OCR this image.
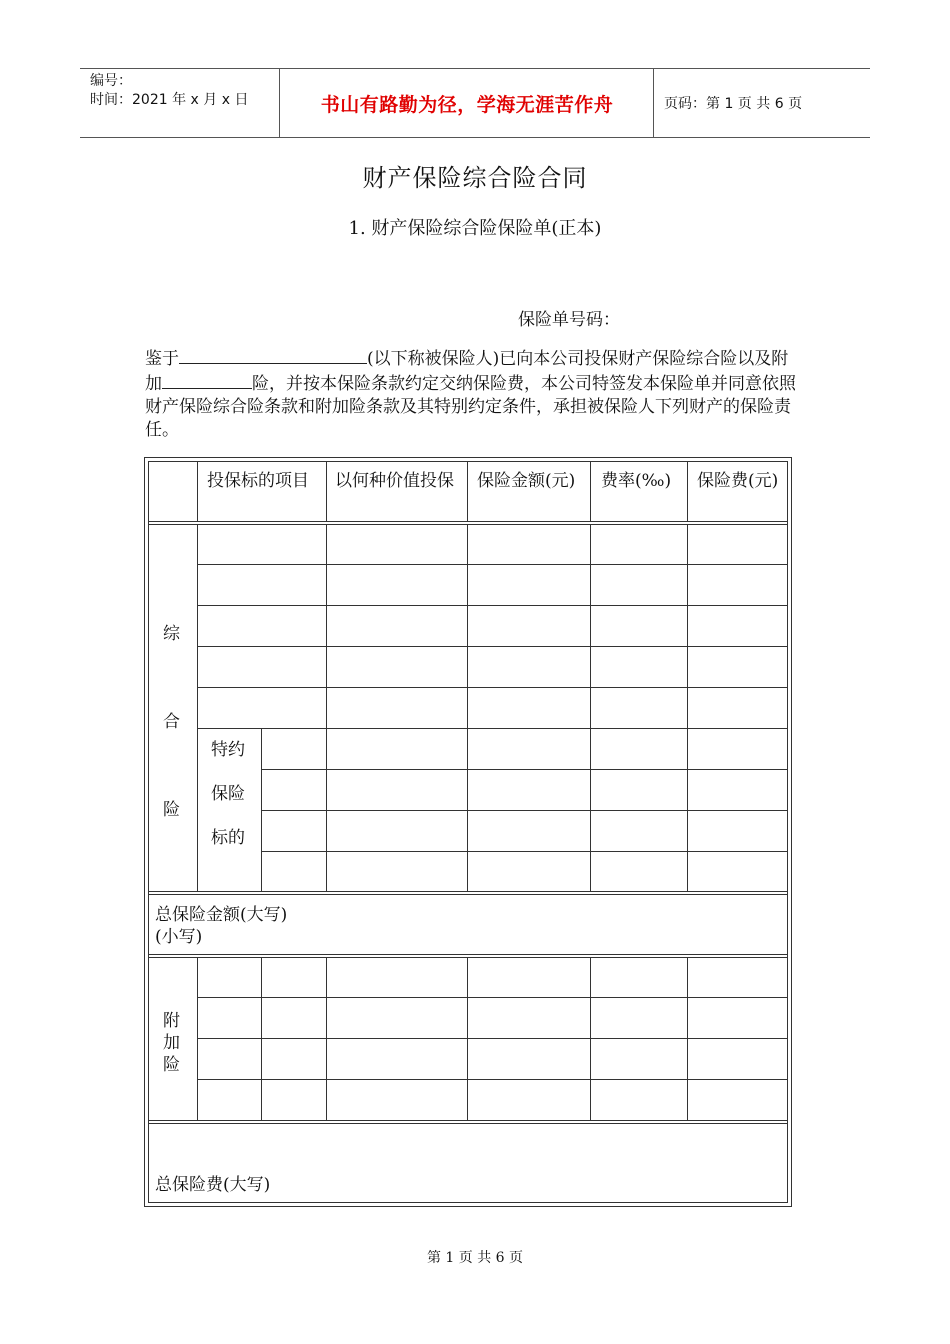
编号：
时间：2021 年 x 月 x 日	书山有路勤为径，学海无涯苦作舟	页码：第 1 页 共 6 页
财产保险综合险合同
1. 财产保险综合险保险单(正本)
保险单号码：
鉴于	(以下称被保险人)已向本公司投保财产保险综合险以及附加	险，并按本保险条款约定交纳保险费，本公司特签发本保险单并同意依照财产保险综合险条款和附加险条款及其特别约定条件，承担被保险人下列财产的保险责任。
投保标的项目	以何种价值投保	保险金额(元)	费率(‰)	保险费(元)
综
合
险
特约
保险
标的
总保险金额(大写)
(小写)
附
加
险
总保险费(大写)
第 1 页 共 6 页
